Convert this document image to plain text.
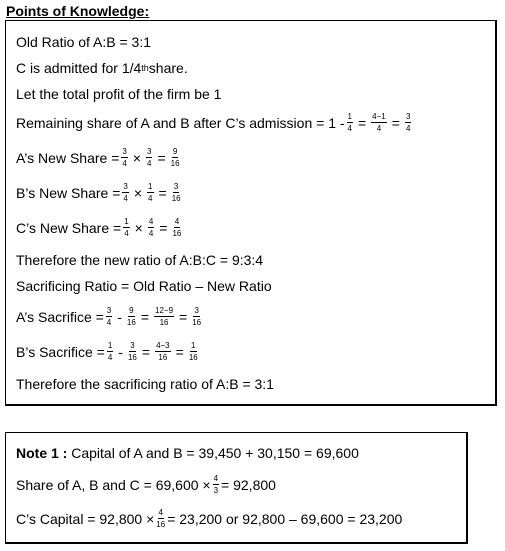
Points of Knowledge:
Old Ratio of A:B = 3:1
C is admitted for 1/4 th share.
Let the total profit of the firm be 1
Remaining share of A and B after C’s admission = $1 - \frac{1}{4} = \frac{4-1}{4} = \frac{3}{4}$
A’s New Share = $\frac{3}{4} \times \frac{3}{4} = \frac{9}{16}$
B’s New Share = $\frac{3}{4} \times \frac{1}{4} = \frac{3}{16}$
C’s New Share = $\frac{1}{4} \times \frac{4}{4} = \frac{4}{16}$
Therefore the new ratio of A:B:C = 9:3:4
Sacrificing Ratio = Old Ratio – New Ratio
A’s Sacrifice = $\frac{3}{4} - \frac{9}{16} = \frac{12-9}{16} = \frac{3}{16}$
B’s Sacrifice = $\frac{1}{4} - \frac{3}{16} = \frac{4-3}{16} = \frac{1}{16}$
Therefore the sacrificing ratio of A:B = 3:1
Note 1 : Capital of A and B = 39,450 + 30,150 = 69,600
Share of A, B and $C = 69,600 \times \frac{4}{3} = 92,800$
C’s Capital = $92,800 \times \frac{4}{16} = 23,200$ or 92,800 – 69,600 = 23,200
